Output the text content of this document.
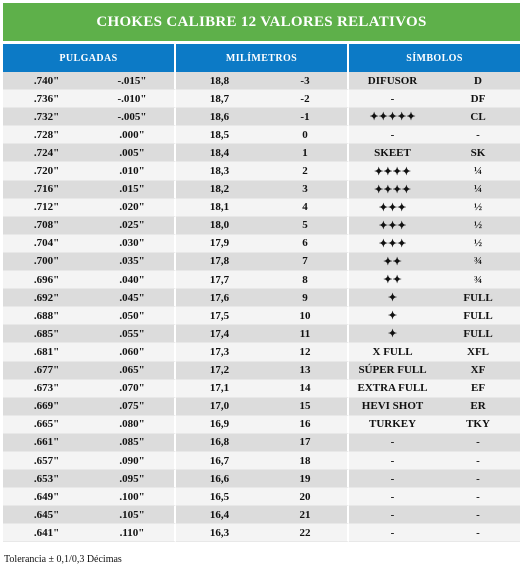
CHOKES CALIBRE 12 VALORES RELATIVOS
PULGADAS		MILÍMETROS		SÍMBOLOS	
.740"	-.015"	18,8	-3	DIFUSOR	D
.736"	-.010"	18,7	-2	-	DF
.732"	-.005"	18,6	-1	✦✦✦✦✦	CL
.728"	.000"	18,5	0	-	-
.724"	.005"	18,4	1	SKEET	SK
.720"	.010"	18,3	2	✦✦✦✦	¼
.716"	.015"	18,2	3	✦✦✦✦	¼
.712"	.020"	18,1	4	✦✦✦	½
.708"	.025"	18,0	5	✦✦✦	½
.704"	.030"	17,9	6	✦✦✦	½
.700"	.035"	17,8	7	✦✦	¾
.696"	.040"	17,7	8	✦✦	¾
.692"	.045"	17,6	9	✦	FULL
.688"	.050"	17,5	10	✦	FULL
.685"	.055"	17,4	11	✦	FULL
.681"	.060"	17,3	12	X FULL	XFL
.677"	.065"	17,2	13	SÚPER FULL	XF
.673"	.070"	17,1	14	EXTRA FULL	EF
.669"	.075"	17,0	15	HEVI SHOT	ER
.665"	.080"	16,9	16	TURKEY	TKY
.661"	.085"	16,8	17	-	-
.657"	.090"	16,7	18	-	-
.653"	.095"	16,6	19	-	-
.649"	.100"	16,5	20	-	-
.645"	.105"	16,4	21	-	-
.641"	.110"	16,3	22	-	-
Tolerancia ± 0,1/0,3 Décimas
